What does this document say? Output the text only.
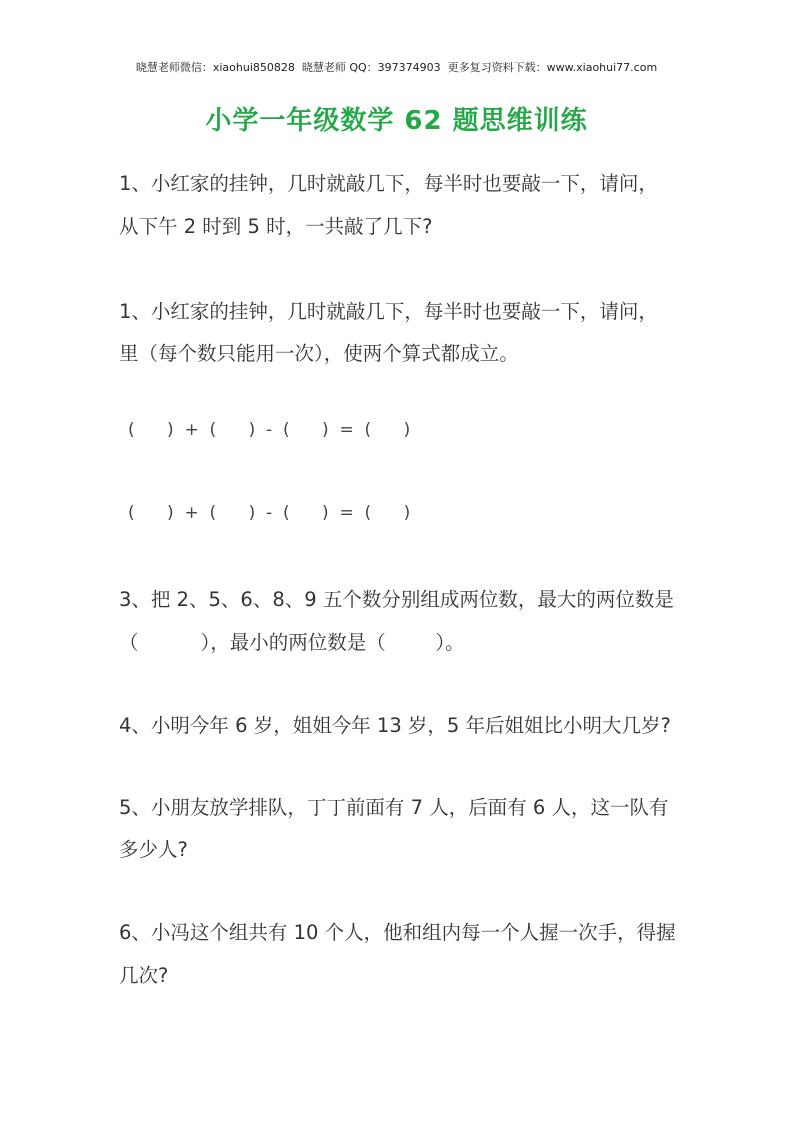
晓慧老师微信：xiaohui850828  晓慧老师 QQ：397374903  更多复习资料下载：www.xiaohui77.com
小学一年级数学 62 题思维训练
1、小红家的挂钟，几时就敲几下，每半时也要敲一下，请问，
从下午 2 时到 5 时，一共敲了几下?
1、小红家的挂钟，几时就敲几下，每半时也要敲一下，请问，
里（每个数只能用一次），使两个算式都成立。
(      )  +  (      )  -  (      )  =  (      )
(      )  +  (      )  -  (      )  =  (      )
3、把 2、5、6、8、9 五个数分别组成两位数，最大的两位数是
（          ），最小的两位数是（        ）。
4、小明今年 6 岁，姐姐今年 13 岁，5 年后姐姐比小明大几岁?
5、小朋友放学排队，丁丁前面有 7 人，后面有 6 人，这一队有
多少人?
6、小冯这个组共有 10 个人，他和组内每一个人握一次手，得握
几次?
